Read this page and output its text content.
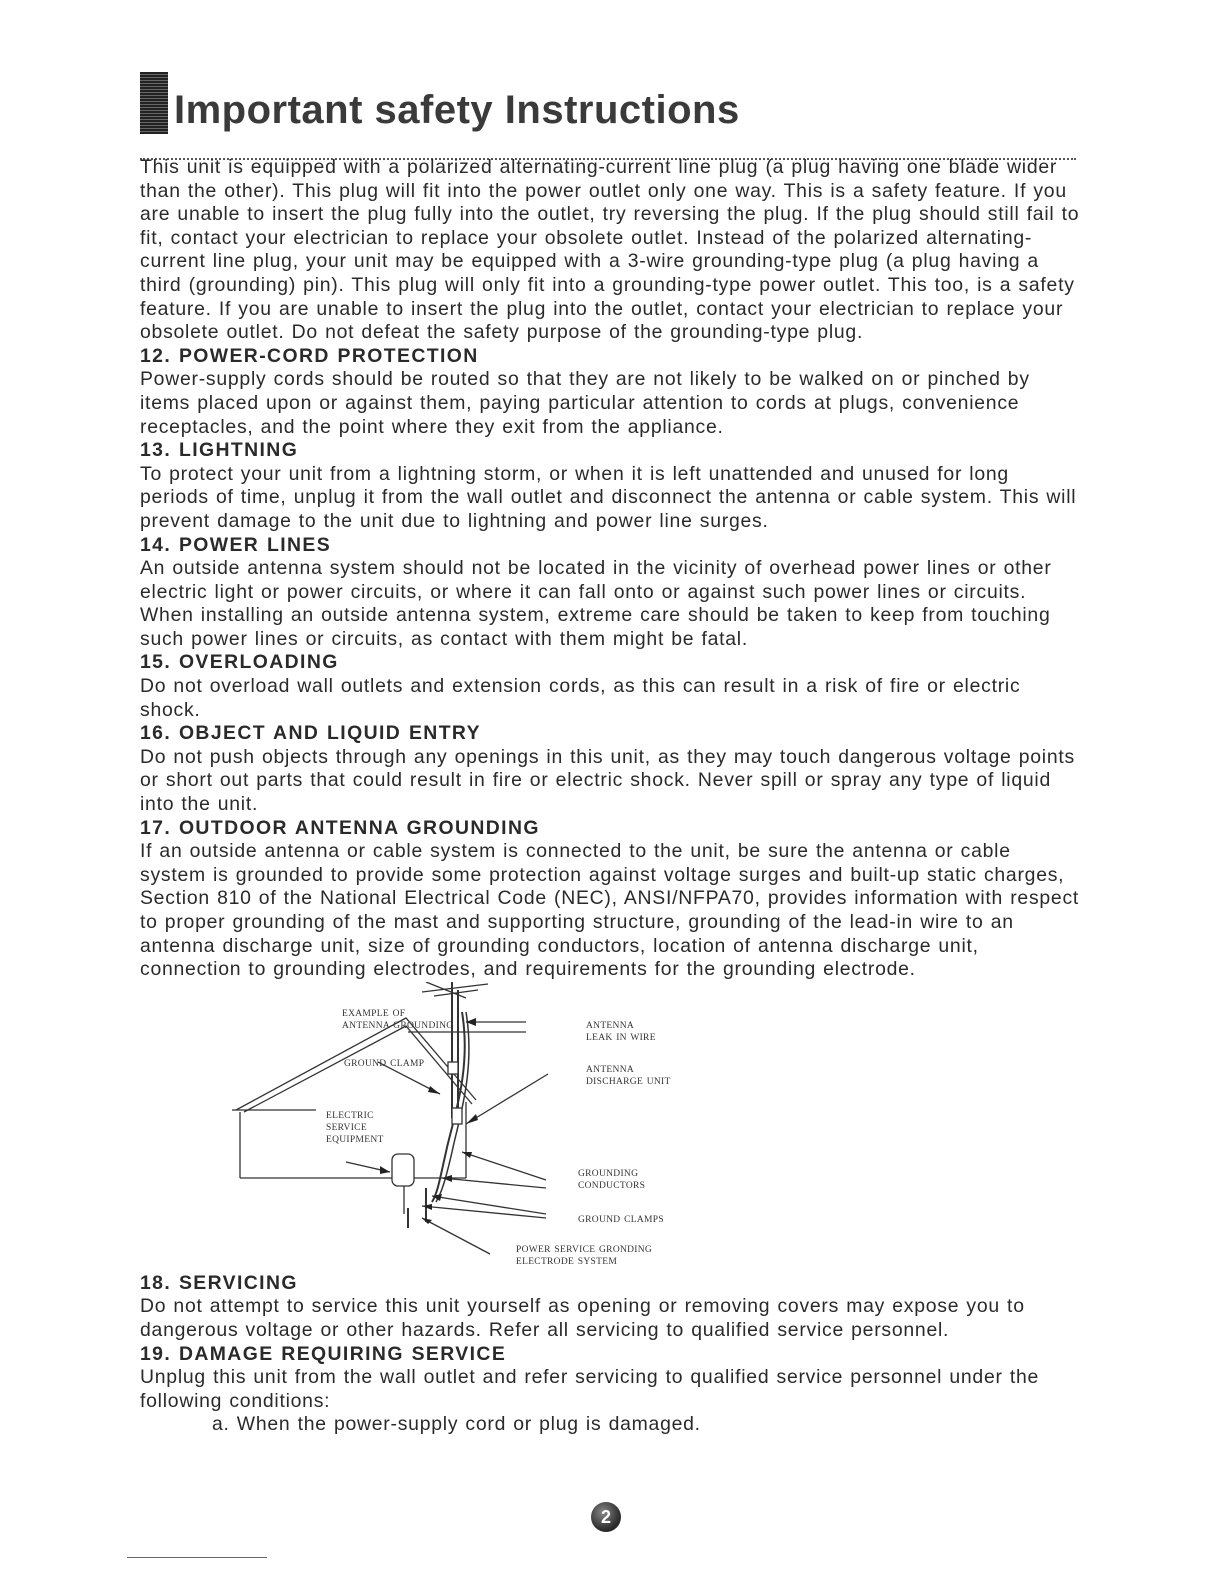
Important safety Instructions

This unit is equipped with a polarized alternating-current line plug (a plug having one blade wider than the other). This plug will fit into the power outlet only one way. This is a safety feature. If you are unable to insert the plug fully into the outlet, try reversing the plug. If the plug should still fail to fit, contact your electrician to replace your obsolete outlet. Instead of the polarized alternating-current line plug, your unit may be equipped with a 3-wire grounding-type plug (a plug having a third (grounding) pin). This plug will only fit into a grounding-type power outlet. This too, is a safety feature. If you are unable to insert the plug into the outlet, contact your electrician to replace your obsolete outlet. Do not defeat the safety purpose of the grounding-type plug.

12. POWER-CORD PROTECTION

Power-supply cords should be routed so that they are not likely to be walked on or pinched by items placed upon or against them, paying particular attention to cords at plugs, convenience receptacles, and the point where they exit from the appliance.

13. LIGHTNING

To protect your unit from a lightning storm, or when it is left unattended and unused for long periods of time, unplug it from the wall outlet and disconnect the antenna or cable system. This will prevent damage to the unit due to lightning and power line surges.

14. POWER LINES

An outside antenna system should not be located in the vicinity of overhead power lines or other electric light or power circuits, or where it can fall onto or against such power lines or circuits. When installing an outside antenna system, extreme care should be taken to keep from touching such power lines or circuits, as contact with them might be fatal.

15. OVERLOADING

Do not overload wall outlets and extension cords, as this can result in a risk of fire or electric shock.

16. OBJECT AND LIQUID ENTRY

Do not push objects through any openings in this unit, as they may touch dangerous voltage points or short out parts that could result in fire or electric shock. Never spill or spray any type of liquid into the unit.

17. OUTDOOR ANTENNA GROUNDING

If an outside antenna or cable system is connected to the unit, be sure the antenna or cable system is grounded to provide some protection against voltage surges and built-up static charges, Section 810 of the National Electrical Code (NEC), ANSI/NFPA70, provides information with respect to proper grounding of the mast and supporting structure, grounding of the lead-in wire to an antenna discharge unit, size of grounding conductors, location of antenna discharge unit, connection to grounding electrodes, and requirements for the grounding electrode.

EXAMPLE OF
ANTENNA GROUNDING	ANTENNA
LEAK IN WIRE
GROUND CLAMP
ANTENNA
DISCHARGE UNIT
ELECTRIC
SERVICE
EQUIPMENT
GROUNDING
CONDUCTORS
GROUND CLAMPS
POWER SERVICE GRONDING
ELECTRODE SYSTEM
18. SERVICING

Do not attempt to service this unit yourself as opening or removing covers may expose you to dangerous voltage or other hazards. Refer all servicing to qualified service personnel.

19. DAMAGE REQUIRING SERVICE

Unplug this unit from the wall outlet and refer servicing to qualified service personnel under the following conditions:

a. When the power-supply cord or plug is damaged.

2
